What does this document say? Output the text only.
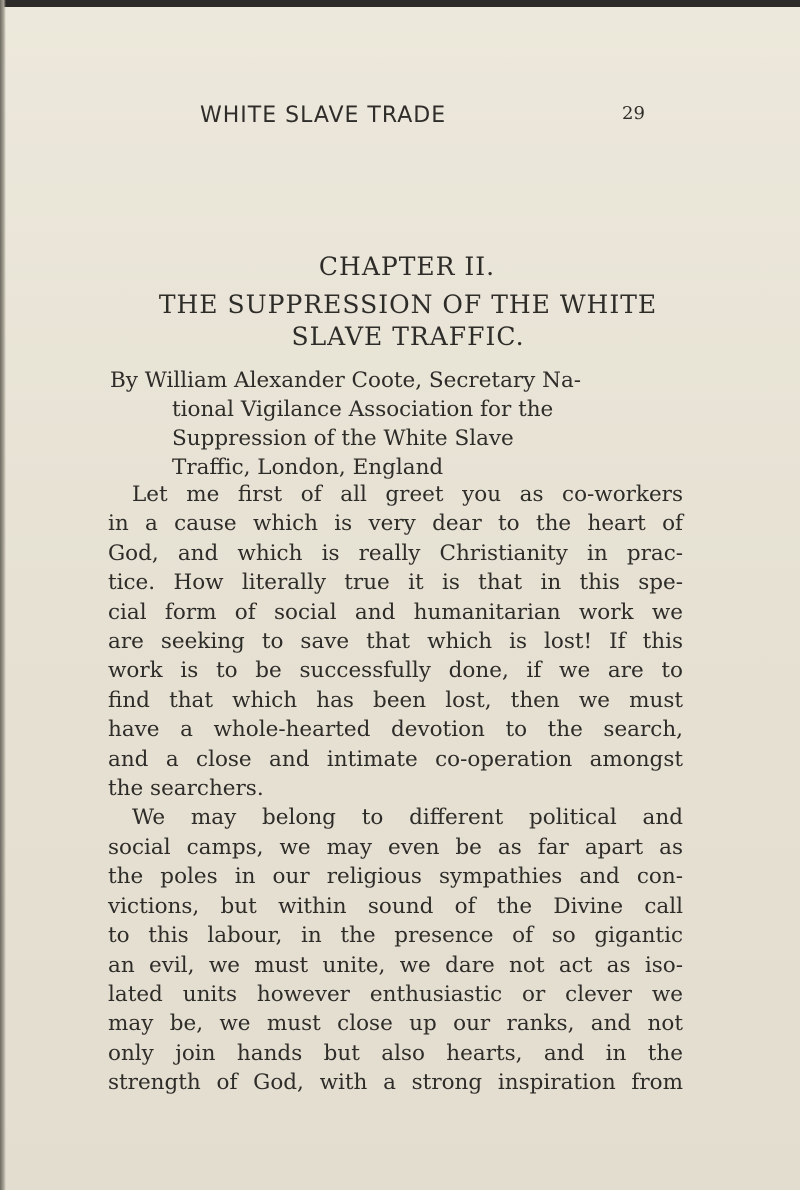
WHITE SLAVE TRADE	29
CHAPTER II.
THE SUPPRESSION OF THE WHITE
SLAVE TRAFFIC.
By William Alexander Coote, Secretary Na-
tional Vigilance Association for the
Suppression of the White Slave
Traffic, London, England
Let me first of all greet you as co-workers
in a cause which is very dear to the heart of
God, and which is really Christianity in prac-
tice. How literally true it is that in this spe-
cial form of social and humanitarian work we
are seeking to save that which is lost! If this
work is to be successfully done, if we are to
find that which has been lost, then we must
have a whole-hearted devotion to the search,
and a close and intimate co-operation amongst
the searchers.
We may belong to different political and
social camps, we may even be as far apart as
the poles in our religious sympathies and con-
victions, but within sound of the Divine call
to this labour, in the presence of so gigantic
an evil, we must unite, we dare not act as iso-
lated units however enthusiastic or clever we
may be, we must close up our ranks, and not
only join hands but also hearts, and in the
strength of God, with a strong inspiration from
